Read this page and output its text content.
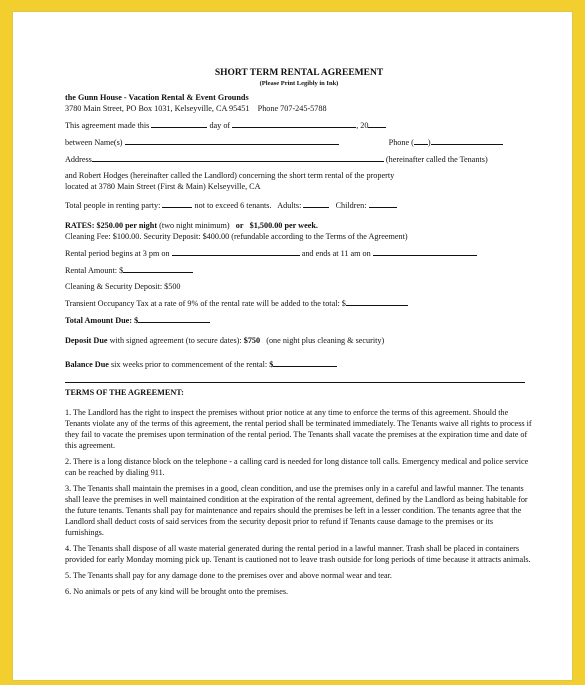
SHORT TERM RENTAL AGREEMENT
(Please Print Legibly in Ink)
the Gunn House - Vacation Rental & Event Grounds
3780 Main Street, PO Box 1031, Kelseyville, CA 95451 Phone 707-245-5788
This agreement made this	day of	, 20
between Name(s)	Phone ( )
Address	(hereinafter called the Tenants)
and Robert Hodges (hereinafter called the Landlord) concerning the short term rental of the property
located at 3780 Main Street (First & Main) Kelseyville, CA
Total people in renting party:	not to exceed 6 tenants. Adults:	Children:
RATES: $250.00 per night (two night minimum) or $1,500.00 per week.
Cleaning Fee: $100.00. Security Deposit: $400.00 (refundable according to the Terms of the Agreement)
Rental period begins at 3 pm on	and ends at 11 am on
Rental Amount: $
Cleaning & Security Deposit: $500
Transient Occupancy Tax at a rate of 9% of the rental rate will be added to the total: $
Total Amount Due: $
Deposit Due with signed agreement (to secure dates): $750 (one night plus cleaning & security)
Balance Due six weeks prior to commencement of the rental: $
TERMS OF THE AGREEMENT:
1. The Landlord has the right to inspect the premises without prior notice at any time to enforce the terms of this agreement. Should the Tenants violate any of the terms of this agreement, the rental period shall be terminated immediately. The Tenants waive all rights to process if they fail to vacate the premises upon termination of the rental period. The Tenants shall vacate the premises at the expiration time and date of this agreement.
2. There is a long distance block on the telephone - a calling card is needed for long distance toll calls. Emergency medical and police service can be reached by dialing 911.
3. The Tenants shall maintain the premises in a good, clean condition, and use the premises only in a careful and lawful manner. The tenants shall leave the premises in well maintained condition at the expiration of the rental agreement, defined by the Landlord as being habitable for the future tenants. Tenants shall pay for maintenance and repairs should the premises be left in a lesser condition. The tenants agree that the Landlord shall deduct costs of said services from the security deposit prior to refund if Tenants cause damage to the premises or its furnishings.
4. The Tenants shall dispose of all waste material generated during the rental period in a lawful manner. Trash shall be placed in containers provided for early Monday morning pick up. Tenant is cautioned not to leave trash outside for long periods of time because it attracts animals.
5. The Tenants shall pay for any damage done to the premises over and above normal wear and tear.
6. No animals or pets of any kind will be brought onto the premises.
